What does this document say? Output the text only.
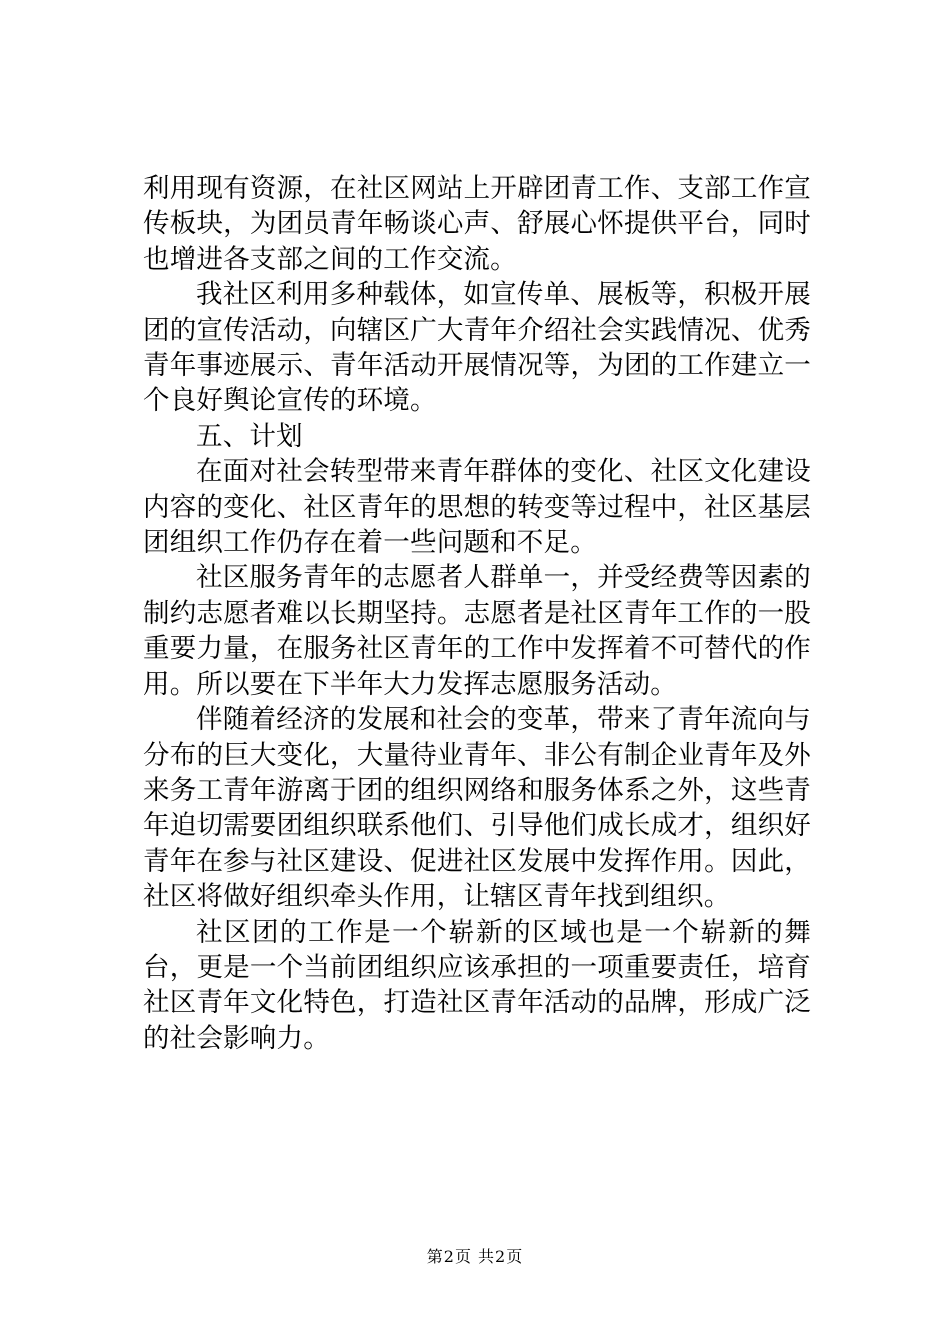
利用现有资源，在社区网站上开辟团青工作、支部工作宣传板块，为团员青年畅谈心声、舒展心怀提供平台，同时也增进各支部之间的工作交流。

我社区利用多种载体，如宣传单、展板等，积极开展团的宣传活动，向辖区广大青年介绍社会实践情况、优秀青年事迹展示、青年活动开展情况等，为团的工作建立一个良好舆论宣传的环境。

五、计划

在面对社会转型带来青年群体的变化、社区文化建设内容的变化、社区青年的思想的转变等过程中，社区基层团组织工作仍存在着一些问题和不足。

社区服务青年的志愿者人群单一，并受经费等因素的制约志愿者难以长期坚持。志愿者是社区青年工作的一股重要力量，在服务社区青年的工作中发挥着不可替代的作用。所以要在下半年大力发挥志愿服务活动。

伴随着经济的发展和社会的变革，带来了青年流向与分布的巨大变化，大量待业青年、非公有制企业青年及外来务工青年游离于团的组织网络和服务体系之外，这些青年迫切需要团组织联系他们、引导他们成长成才，组织好青年在参与社区建设、促进社区发展中发挥作用。因此，社区将做好组织牵头作用，让辖区青年找到组织。

社区团的工作是一个崭新的区域也是一个崭新的舞台，更是一个当前团组织应该承担的一项重要责任，培育社区青年文化特色，打造社区青年活动的品牌，形成广泛的社会影响力。

第2页 共2页
